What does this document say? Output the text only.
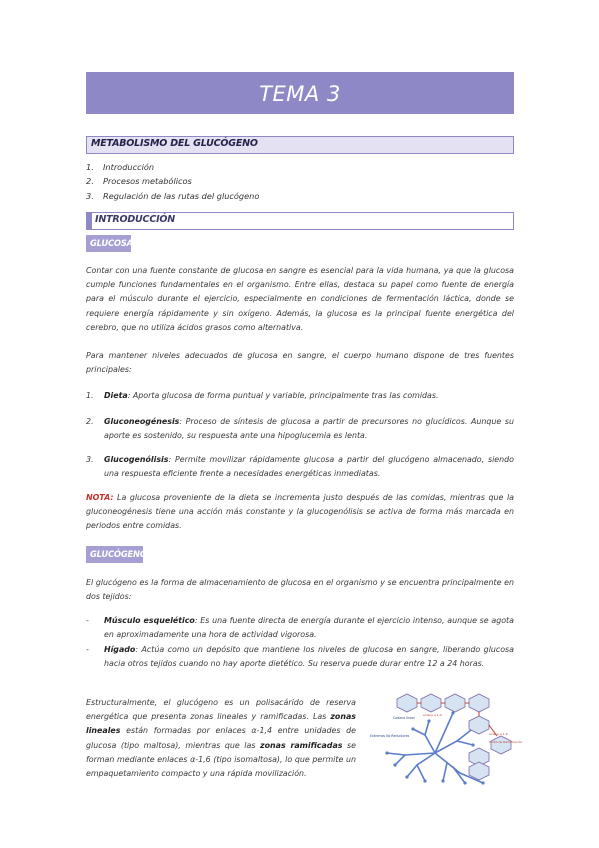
TEMA 3
METABOLISMO DEL GLUCÓGENO
1. Introducción
2. Procesos metabólicos
3. Regulación de las rutas del glucógeno
INTRODUCCIÓN
GLUCOSA

Contar con una fuente constante de glucosa en sangre es esencial para la vida humana, ya que la glucosa cumple funciones fundamentales en el organismo. Entre ellas, destaca su papel como fuente de energía para el músculo durante el ejercicio, especialmente en condiciones de fermentación láctica, donde se requiere energía rápidamente y sin oxígeno. Además, la glucosa es la principal fuente energética del cerebro, que no utiliza ácidos grasos como alternativa.

Para mantener niveles adecuados de glucosa en sangre, el cuerpo humano dispone de tres fuentes principales:

1. Dieta: Aporta glucosa de forma puntual y variable, principalmente tras las comidas.
2. Gluconeogénesis: Proceso de síntesis de glucosa a partir de precursores no glucídicos. Aunque su aporte es sostenido, su respuesta ante una hipoglucemia es lenta.
3. Glucogenólisis: Permite movilizar rápidamente glucosa a partir del glucógeno almacenado, siendo una respuesta eficiente frente a necesidades energéticas inmediatas.

NOTA: La glucosa proveniente de la dieta se incrementa justo después de las comidas, mientras que la gluconeogénesis tiene una acción más constante y la glucogenólisis se activa de forma más marcada en periodos entre comidas.

GLUCÓGENO

El glucógeno es la forma de almacenamiento de glucosa en el organismo y se encuentra principalmente en dos tejidos:

- Músculo esquelético: Es una fuente directa de energía durante el ejercicio intenso, aunque se agota en aproximadamente una hora de actividad vigorosa.
- Hígado: Actúa como un depósito que mantiene los niveles de glucosa en sangre, liberando glucosa hacia otros tejidos cuando no hay aporte dietético. Su reserva puede durar entre 12 a 24 horas.

Estructuralmente, el glucógeno es un polisacárido de reserva energética que presenta zonas lineales y ramificadas. Las zonas lineales están formadas por enlaces α-1,4 entre unidades de glucosa (tipo maltosa), mientras que las zonas ramificadas se forman mediante enlaces α-1,6 (tipo isomaltosa), lo que permite un empaquetamiento compacto y una rápida movilización.

Extremos No Reductores
Cadena lineal
enlace α 1-6
Punto de Ramificación
enlace α 1-4
